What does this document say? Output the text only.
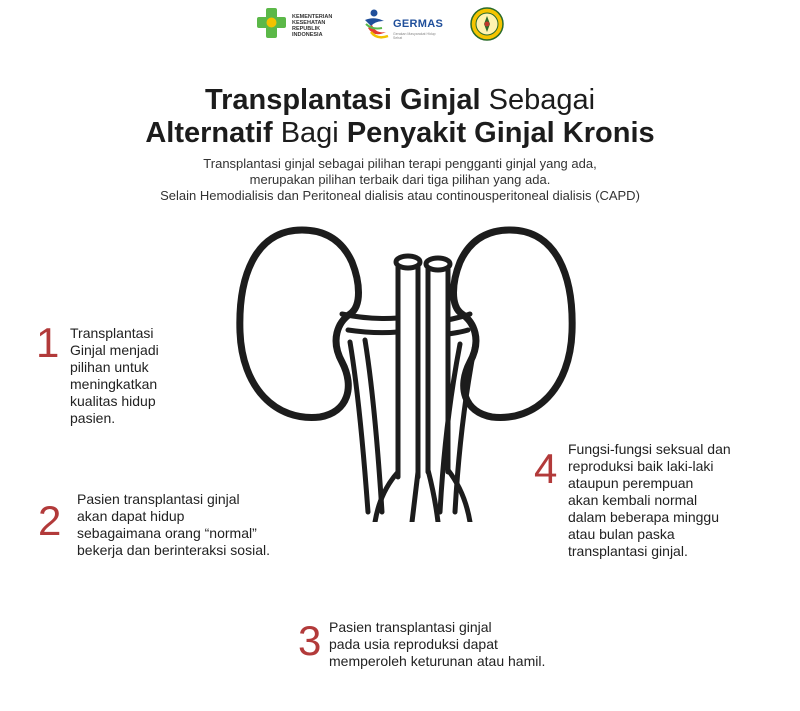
KEMENTERIAN
KESEHATAN
REPUBLIK
INDONESIA
GERMAS
Gerakan Masyarakat Hidup Sehat
Transplantasi Ginjal Sebagai
Alternatif Bagi Penyakit Ginjal Kronis
Transplantasi ginjal sebagai pilihan terapi pengganti ginjal yang ada,
merupakan pilihan terbaik dari tiga pilihan yang ada.
Selain Hemodialisis dan Peritoneal dialisis atau continousperitoneal dialisis (CAPD)
1 Transplantasi
Ginjal menjadi
pilihan untuk
meningkatkan
kualitas hidup
pasien.
2 Pasien transplantasi ginjal
akan dapat hidup
sebagaimana orang “normal”
bekerja dan berinteraksi sosial.
3 Pasien transplantasi ginjal
pada usia reproduksi dapat
memperoleh keturunan atau hamil.
4 Fungsi-fungsi seksual dan
reproduksi baik laki-laki
ataupun perempuan
akan kembali normal
dalam beberapa minggu
atau bulan paska
transplantasi ginjal.
